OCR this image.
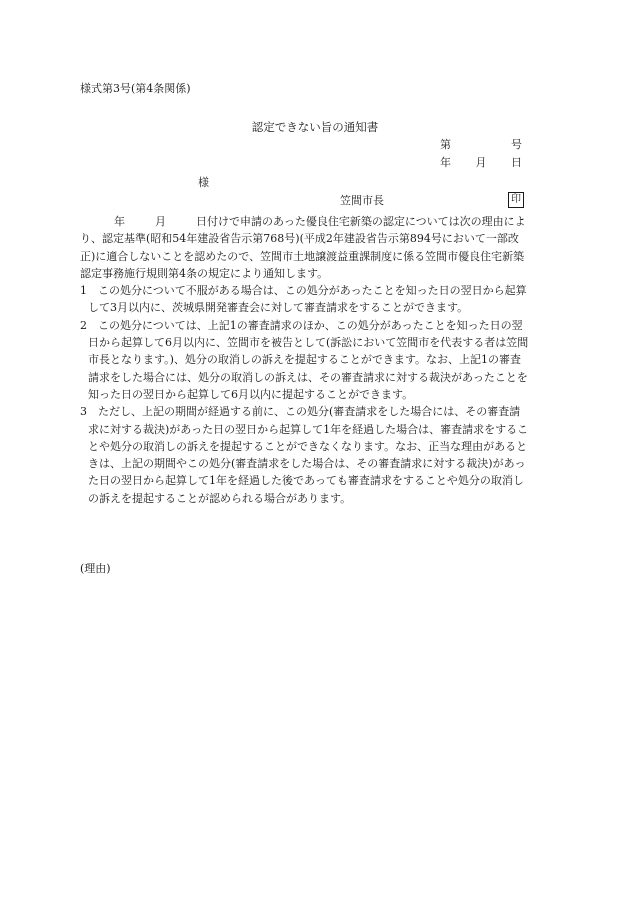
様式第3号(第4条関係)
認定できない旨の通知書
第	号
年 月 日
様
笠間市長	印
年	月	日付けで申請のあった優良住宅新築の認定については次の理由によ
り、認定基準(昭和54年建設省告示第768号)(平成2年建設省告示第894号において一部改
正)に適合しないことを認めたので、笠間市土地譲渡益重課制度に係る笠間市優良住宅新築
認定事務施行規則第4条の規定により通知します。
1　この処分について不服がある場合は、この処分があったことを知った日の翌日から起算
して3月以内に、茨城県開発審査会に対して審査請求をすることができます。
2　この処分については、上記1の審査請求のほか、この処分があったことを知った日の翌
日から起算して6月以内に、笠間市を被告として(訴訟において笠間市を代表する者は笠間
市長となります。)、処分の取消しの訴えを提起することができます。なお、上記1の審査
請求をした場合には、処分の取消しの訴えは、その審査請求に対する裁決があったことを
知った日の翌日から起算して6月以内に提起することができます。
3　ただし、上記の期間が経過する前に、この処分(審査請求をした場合には、その審査請
求に対する裁決)があった日の翌日から起算して1年を経過した場合は、審査請求をするこ
とや処分の取消しの訴えを提起することができなくなります。なお、正当な理由があると
きは、上記の期間やこの処分(審査請求をした場合は、その審査請求に対する裁決)があっ
た日の翌日から起算して1年を経過した後であっても審査請求をすることや処分の取消し
の訴えを提起することが認められる場合があります。
(理由)
